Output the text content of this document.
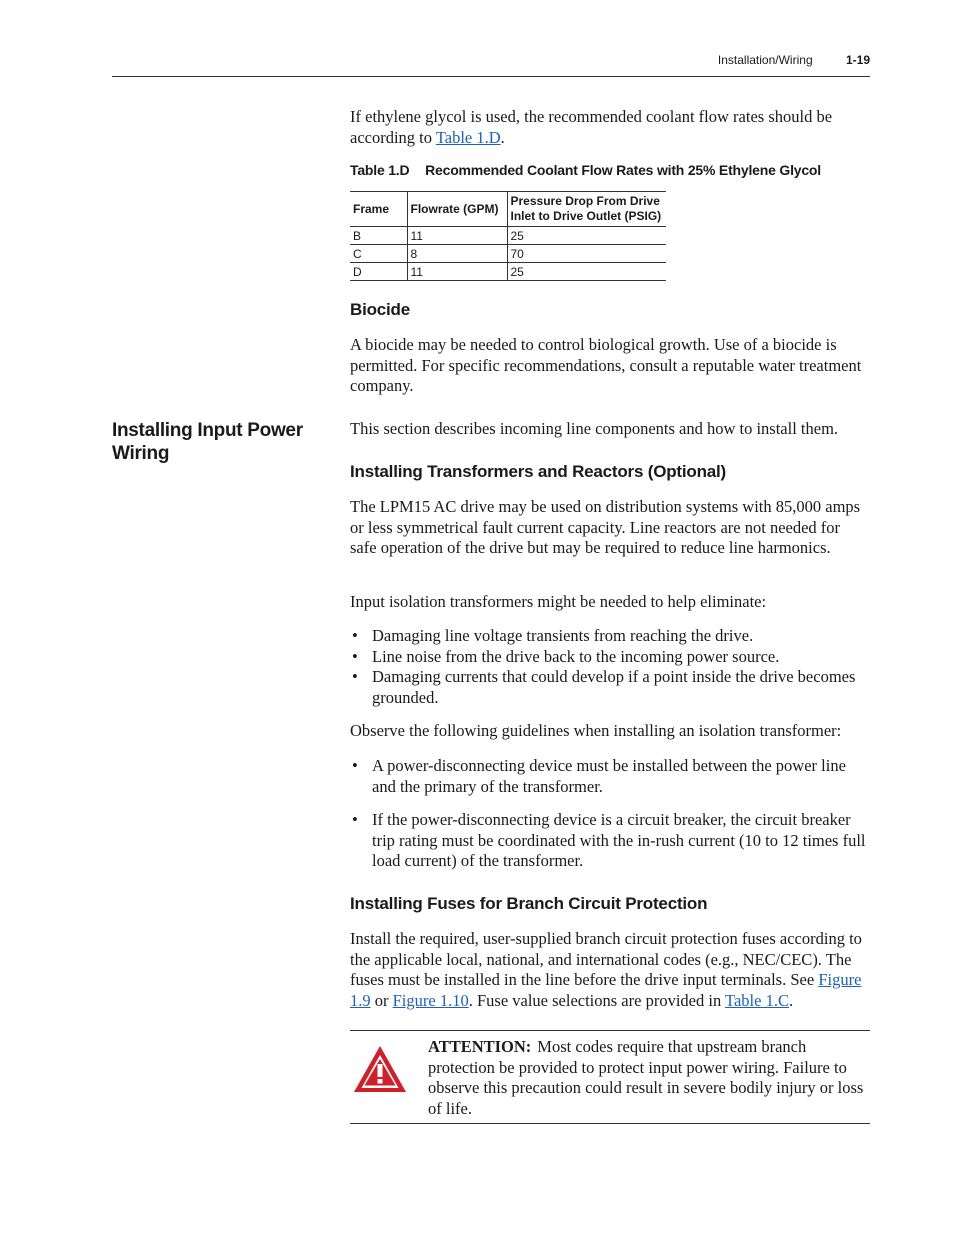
Installation/Wiring	1-19

If ethylene glycol is used, the recommended coolant flow rates should be according to Table 1.D.

Table 1.D Recommended Coolant Flow Rates with 25% Ethylene Glycol
Frame	Flowrate (GPM)	Pressure Drop From Drive Inlet to Drive Outlet (PSIG)
B	11	25
C	8	70
D	11	25
Biocide

A biocide may be needed to control biological growth. Use of a biocide is permitted. For specific recommendations, consult a reputable water treatment company.

Installing Input Power Wiring

This section describes incoming line components and how to install them.

Installing Transformers and Reactors (Optional)

The LPM15 AC drive may be used on distribution systems with 85,000 amps or less symmetrical fault current capacity. Line reactors are not needed for safe operation of the drive but may be required to reduce line harmonics.

Input isolation transformers might be needed to help eliminate:

• Damaging line voltage transients from reaching the drive.
• Line noise from the drive back to the incoming power source.
• Damaging currents that could develop if a point inside the drive becomes grounded.

Observe the following guidelines when installing an isolation transformer:

• A power-disconnecting device must be installed between the power line and the primary of the transformer.
• If the power-disconnecting device is a circuit breaker, the circuit breaker trip rating must be coordinated with the in-rush current (10 to 12 times full load current) of the transformer.
Installing Fuses for Branch Circuit Protection

Install the required, user-supplied branch circuit protection fuses according to the applicable local, national, and international codes (e.g., NEC/CEC). The fuses must be installed in the line before the drive input terminals. See Figure 1.9 or Figure 1.10. Fuse value selections are provided in Table 1.C.

ATTENTION: Most codes require that upstream branch protection be provided to protect input power wiring. Failure to observe this precaution could result in severe bodily injury or loss of life.
